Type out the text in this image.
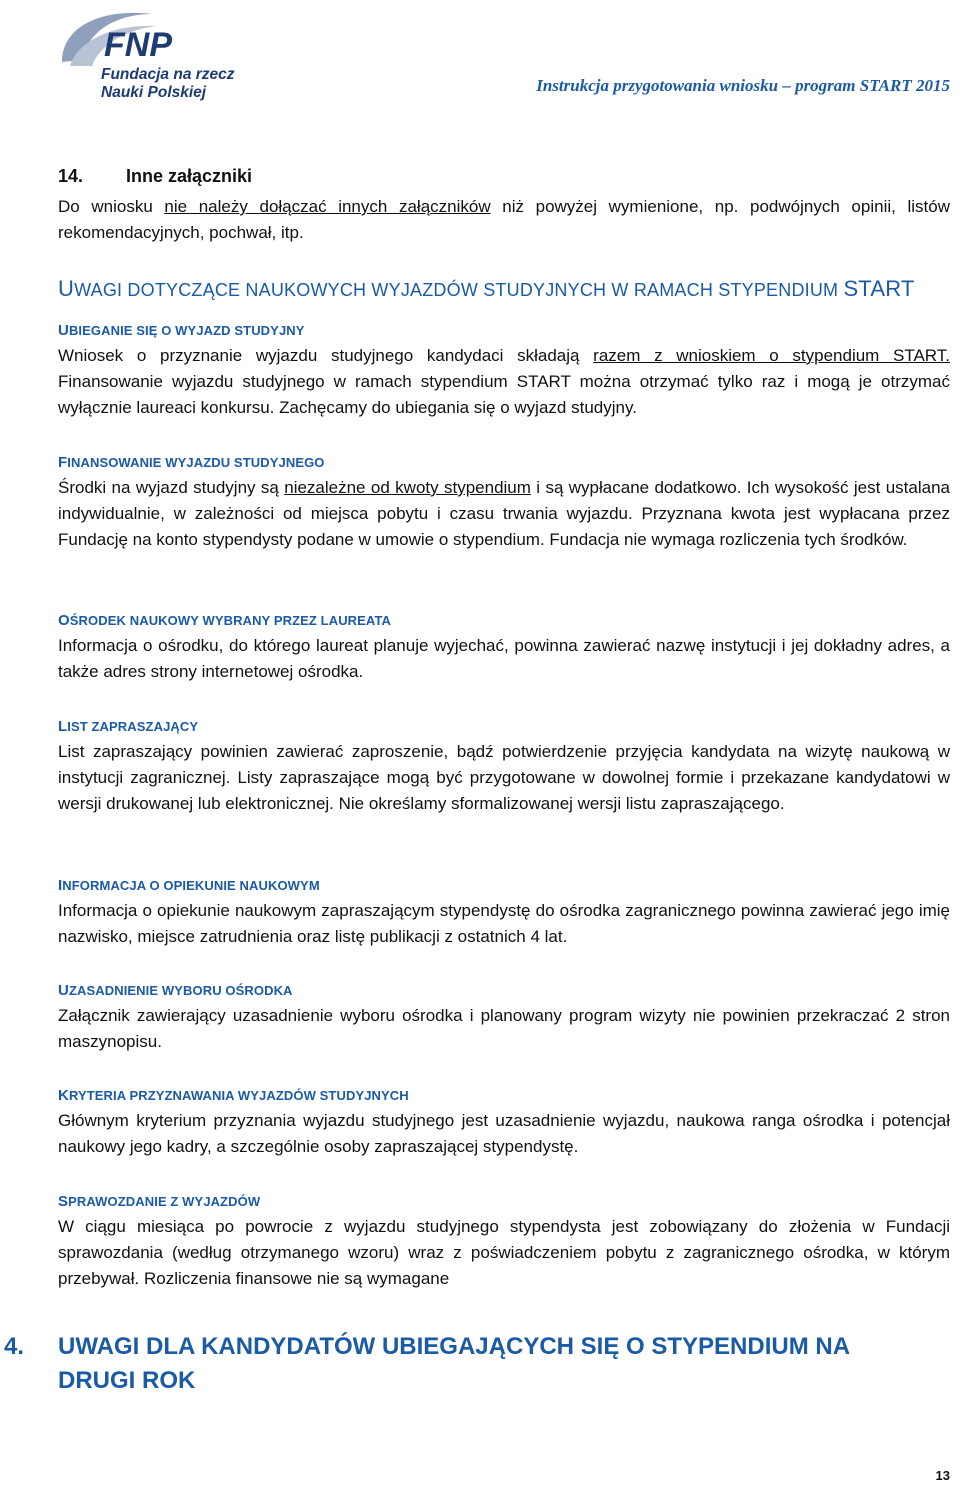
FNP
Fundacja na rzecz
Nauki Polskiej	Instrukcja przygotowania wniosku – program START 2015
14. Inne załączniki

Do wniosku nie należy dołączać innych załączników niż powyżej wymienione, np. podwójnych opinii, listów rekomendacyjnych, pochwał, itp.

UWAGI DOTYCZĄCE NAUKOWYCH WYJAZDÓW STUDYJNYCH W RAMACH STYPENDIUM START
UBIEGANIE SIĘ O WYJAZD STUDYJNY

Wniosek o przyznanie wyjazdu studyjnego kandydaci składają razem z wnioskiem o stypendium START. Finansowanie wyjazdu studyjnego w ramach stypendium START można otrzymać tylko raz i mogą je otrzymać wyłącznie laureaci konkursu. Zachęcamy do ubiegania się o wyjazd studyjny.

FINANSOWANIE WYJAZDU STUDYJNEGO

Środki na wyjazd studyjny są niezależne od kwoty stypendium i są wypłacane dodatkowo. Ich wysokość jest ustalana indywidualnie, w zależności od miejsca pobytu i czasu trwania wyjazdu. Przyznana kwota jest wypłacana przez Fundację na konto stypendysty podane w umowie o stypendium. Fundacja nie wymaga rozliczenia tych środków.

OŚRODEK NAUKOWY WYBRANY PRZEZ LAUREATA

Informacja o ośrodku, do którego laureat planuje wyjechać, powinna zawierać nazwę instytucji i jej dokładny adres, a także adres strony internetowej ośrodka.

LIST ZAPRASZAJĄCY

List zapraszający powinien zawierać zaproszenie, bądź potwierdzenie przyjęcia kandydata na wizytę naukową w instytucji zagranicznej. Listy zapraszające mogą być przygotowane w dowolnej formie i przekazane kandydatowi w wersji drukowanej lub elektronicznej. Nie określamy sformalizowanej wersji listu zapraszającego.

INFORMACJA O OPIEKUNIE NAUKOWYM

Informacja o opiekunie naukowym zapraszającym stypendystę do ośrodka zagranicznego powinna zawierać jego imię nazwisko, miejsce zatrudnienia oraz listę publikacji z ostatnich 4 lat.

UZASADNIENIE WYBORU OŚRODKA

Załącznik zawierający uzasadnienie wyboru ośrodka i planowany program wizyty nie powinien przekraczać 2 stron maszynopisu.

KRYTERIA PRZYZNAWANIA WYJAZDÓW STUDYJNYCH

Głównym kryterium przyznania wyjazdu studyjnego jest uzasadnienie wyjazdu, naukowa ranga ośrodka i potencjał naukowy jego kadry, a szczególnie osoby zapraszającej stypendystę.

SPRAWOZDANIE Z WYJAZDÓW

W ciągu miesiąca po powrocie z wyjazdu studyjnego stypendysta jest zobowiązany do złożenia w Fundacji sprawozdania (według otrzymanego wzoru) wraz z poświadczeniem pobytu z zagranicznego ośrodka, w którym przebywał. Rozliczenia finansowe nie są wymagane

4. UWAGI DLA KANDYDATÓW UBIEGAJĄCYCH SIĘ O STYPENDIUM NA DRUGI ROK
13
